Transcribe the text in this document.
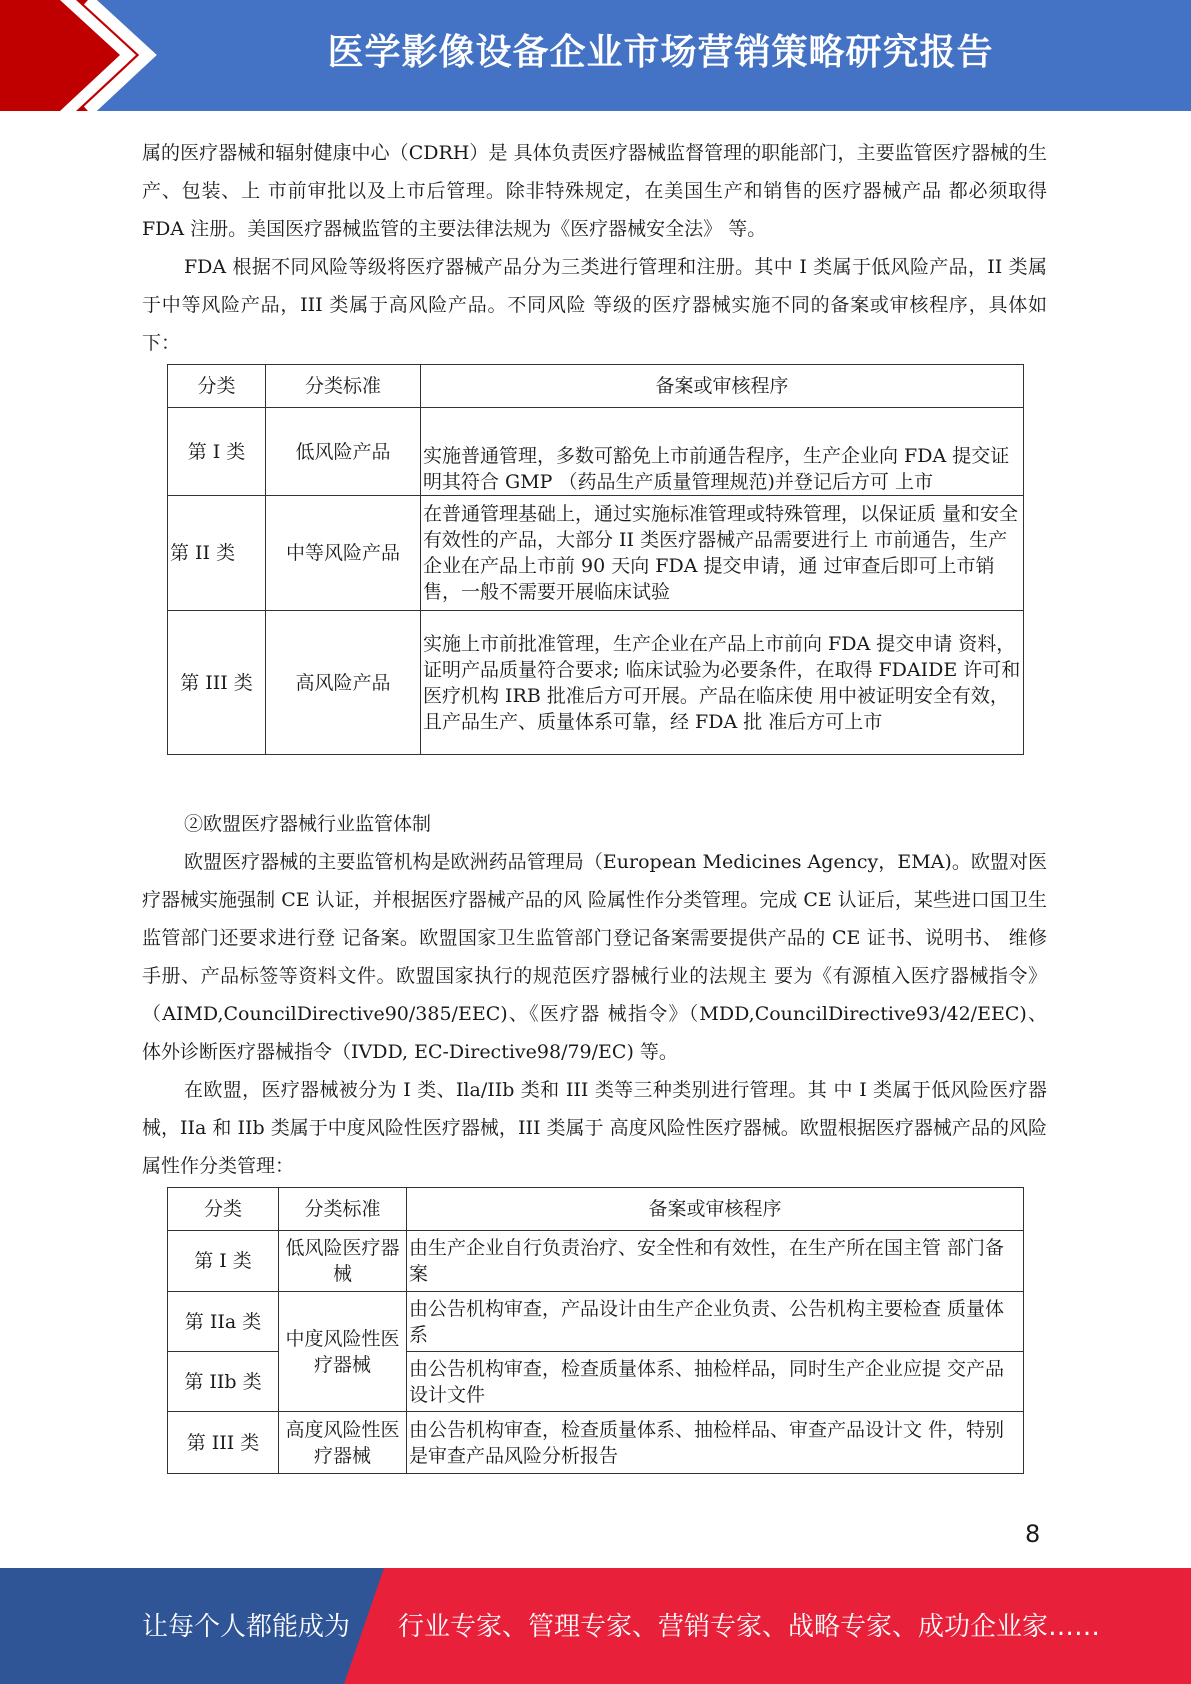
医学影像设备企业市场营销策略研究报告

属的医疗器械和辐射健康中心（CDRH）是 具体负责医疗器械监督管理的职能部门，主要监管医疗器械的生产、包装、上 市前审批以及上市后管理。除非特殊规定，在美国生产和销售的医疗器械产品 都必须取得 FDA 注册。美国医疗器械监管的主要法律法规为《医疗器械安全法》 等。

FDA 根据不同风险等级将医疗器械产品分为三类进行管理和注册。其中 I 类属于低风险产品，II 类属于中等风险产品，III 类属于高风险产品。不同风险 等级的医疗器械实施不同的备案或审核程序，具体如下：

分类	分类标准	备案或审核程序
第 I 类	低风险产品	实施普通管理，多数可豁免上市前通告程序，生产企业向 FDA 提交证明其符合 GMP （药品生产质量管理规范)并登记后方可 上市
第 II 类	中等风险产品	在普通管理基础上，通过实施标准管理或特殊管理，以保证质 量和安全有效性的产品，大部分 II 类医疗器械产品需要进行上 市前通告，生产企业在产品上市前 90 天向 FDA 提交申请，通 过审查后即可上市销售，一般不需要开展临床试验
第 III 类	高风险产品	实施上市前批准管理，生产企业在产品上市前向 FDA 提交申请 资料，证明产品质量符合要求; 临床试验为必要条件，在取得 FDAIDE 许可和医疗机构 IRB 批准后方可开展。产品在临床使 用中被证明安全有效，且产品生产、质量体系可靠，经 FDA 批 准后方可上市

②欧盟医疗器械行业监管体制

欧盟医疗器械的主要监管机构是欧洲药品管理局（European Medicines Agency，EMA)。欧盟对医疗器械实施强制 CE 认证，并根据医疗器械产品的风 险属性作分类管理。完成 CE 认证后，某些进口国卫生监管部门还要求进行登 记备案。欧盟国家卫生监管部门登记备案需要提供产品的 CE 证书、说明书、 维修手册、产品标签等资料文件。欧盟国家执行的规范医疗器械行业的法规主 要为《有源植入医疗器械指令》（AIMD,CouncilDirective90/385/EEC)、《医疗器 械指令》（MDD,CouncilDirective93/42/EEC)、体外诊断医疗器械指令（IVDD, EC-Directive98/79/EC) 等。

在欧盟，医疗器械被分为 I 类、Ila/IIb 类和 III 类等三种类别进行管理。其 中 I 类属于低风险医疗器械，IIa 和 IIb 类属于中度风险性医疗器械，III 类属于 高度风险性医疗器械。欧盟根据医疗器械产品的风险属性作分类管理：

分类	分类标准	备案或审核程序
第 I 类	低风险医疗器械	由生产企业自行负责治疗、安全性和有效性，在生产所在国主管 部门备案
第 IIa 类	中度风险性医疗器械	由公告机构审查，产品设计由生产企业负责、公告机构主要检查 质量体系
第 IIb 类		由公告机构审查，检查质量体系、抽检样品，同时生产企业应提 交产品设计文件
第 III 类	高度风险性医疗器械	由公告机构审查，检查质量体系、抽检样品、审查产品设计文 件，特别是审查产品风险分析报告
8
让每个人都能成为 行业专家、管理专家、营销专家、战略专家、成功企业家……
